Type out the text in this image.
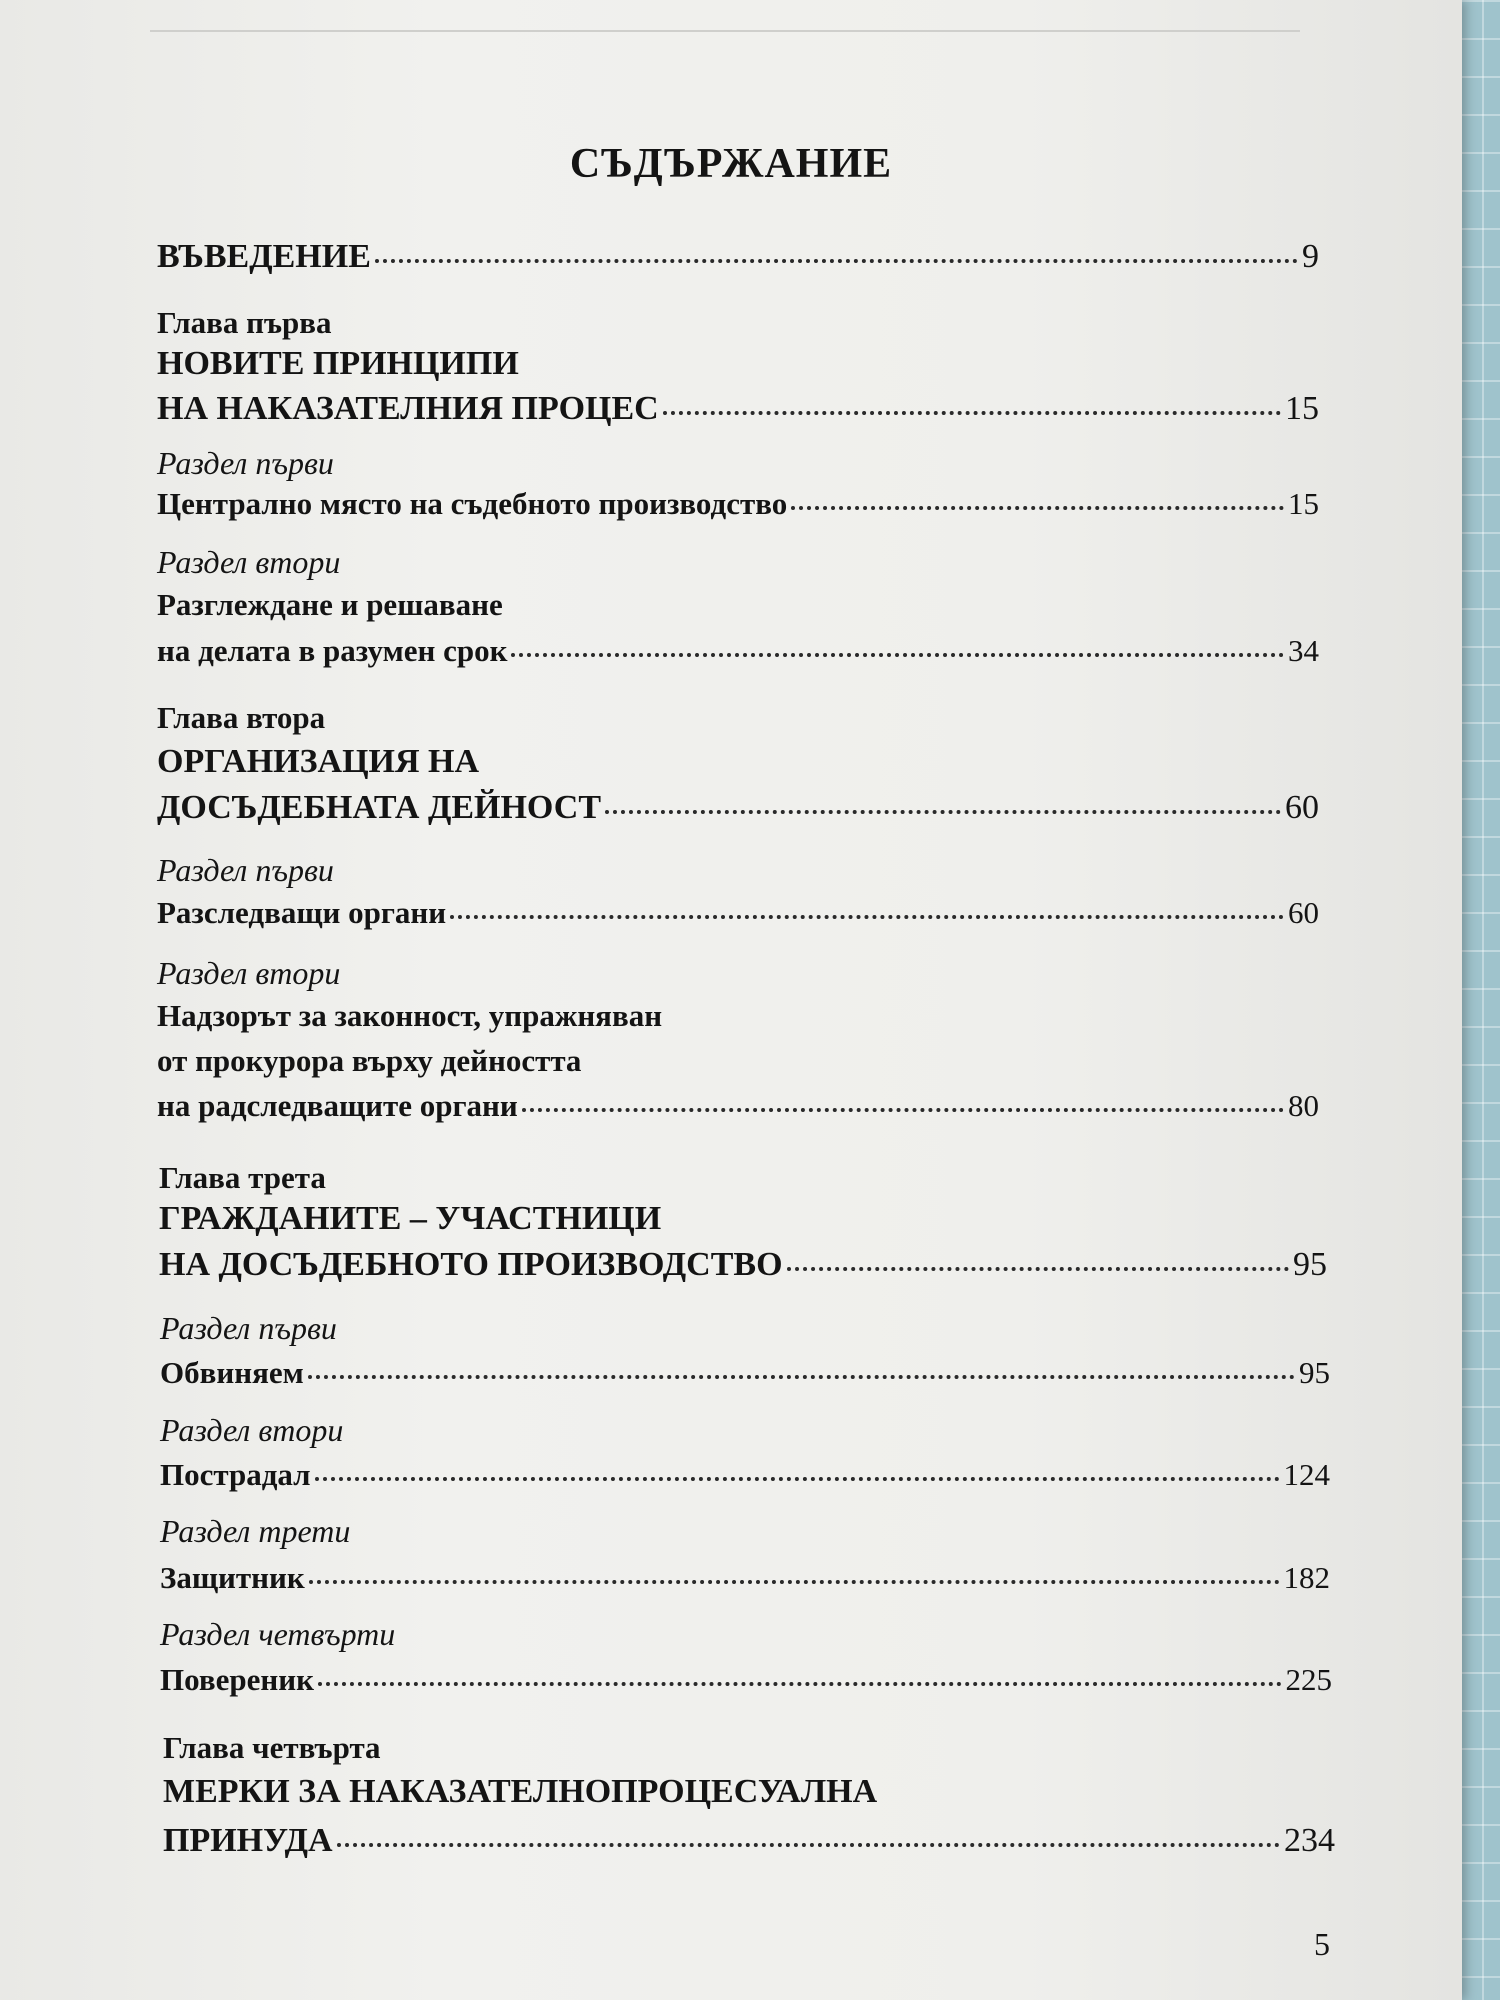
СЪДЪРЖАНИЕ
ВЪВЕДЕНИЕ	9
Глава първа
НОВИТЕ ПРИНЦИПИ
НА НАКАЗАТЕЛНИЯ ПРОЦЕС	15
Раздел първи
Централно място на съдебното производство	15
Раздел втори
Разглеждане и решаване
на делата в разумен срок	34
Глава втора
ОРГАНИЗАЦИЯ НА
ДОСЪДЕБНАТА ДЕЙНОСТ	60
Раздел първи
Разследващи органи	60
Раздел втори
Надзорът за законност, упражняван
от прокурора върху дейността
на радследващите органи	80
Глава трета
ГРАЖДАНИТЕ – УЧАСТНИЦИ
НА ДОСЪДЕБНОТО ПРОИЗВОДСТВО	95
Раздел първи
Обвиняем	95
Раздел втори
Пострадал	124
Раздел трети
Защитник	182
Раздел четвърти
Повереник	225
Глава четвърта
МЕРКИ ЗА НАКАЗАТЕЛНОПРОЦЕСУАЛНА
ПРИНУДА	234
5
